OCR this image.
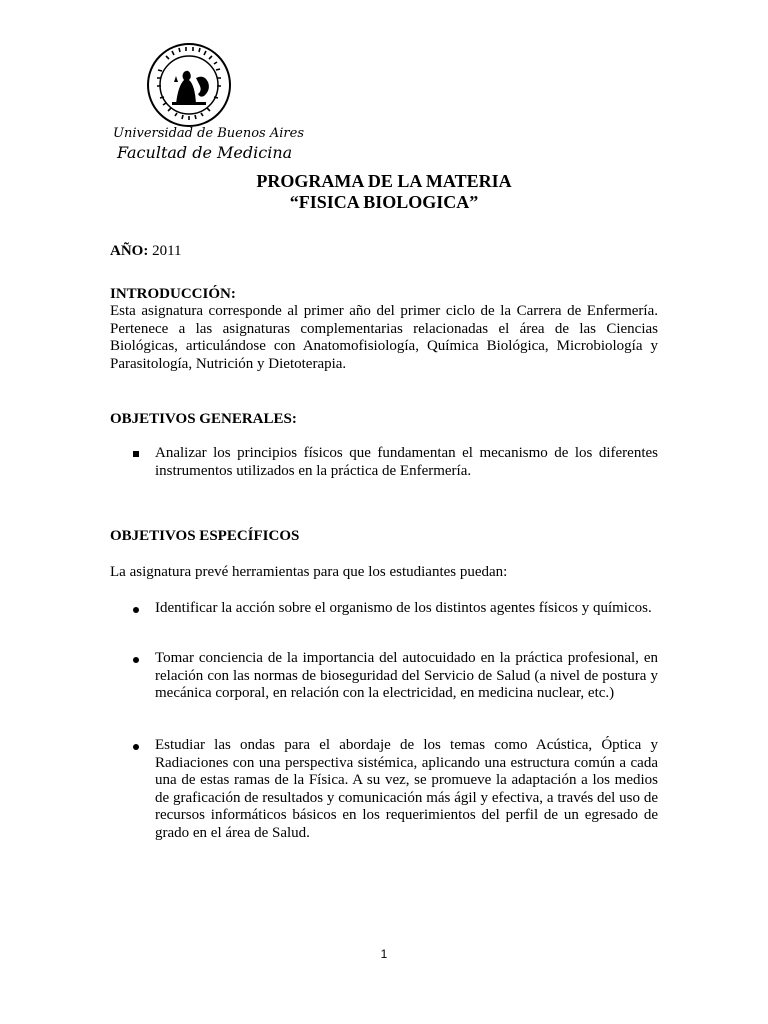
Universidad de Buenos Aires
Facultad de Medicina
PROGRAMA DE LA MATERIA
“FISICA BIOLOGICA”
AÑO: 2011
INTRODUCCIÓN:

Esta asignatura corresponde al primer año del primer ciclo de la Carrera de Enfermería. Pertenece a las asignaturas complementarias relacionadas el área de las Ciencias Biológicas, articulándose con Anatomofisiología, Química Biológica, Microbiología y Parasitología, Nutrición y Dietoterapia.

OBJETIVOS GENERALES:
Analizar los principios físicos que fundamentan el mecanismo de los diferentes instrumentos utilizados en la práctica de Enfermería.
OBJETIVOS ESPECÍFICOS
La asignatura prevé herramientas para que los estudiantes puedan:
Identificar la acción sobre el organismo de los distintos agentes físicos y químicos.
Tomar conciencia de la importancia del autocuidado en la práctica profesional, en relación con las normas de bioseguridad del Servicio de Salud (a nivel de postura y mecánica corporal, en relación con la electricidad, en medicina nuclear, etc.)
Estudiar las ondas para el abordaje de los temas como Acústica, Óptica y Radiaciones con una perspectiva sistémica, aplicando una estructura común a cada una de estas ramas de la Física. A su vez, se promueve la adaptación a los medios de graficación de resultados y comunicación más ágil y efectiva, a través del uso de recursos informáticos básicos en los requerimientos del perfil de un egresado de grado en el área de Salud.
1
